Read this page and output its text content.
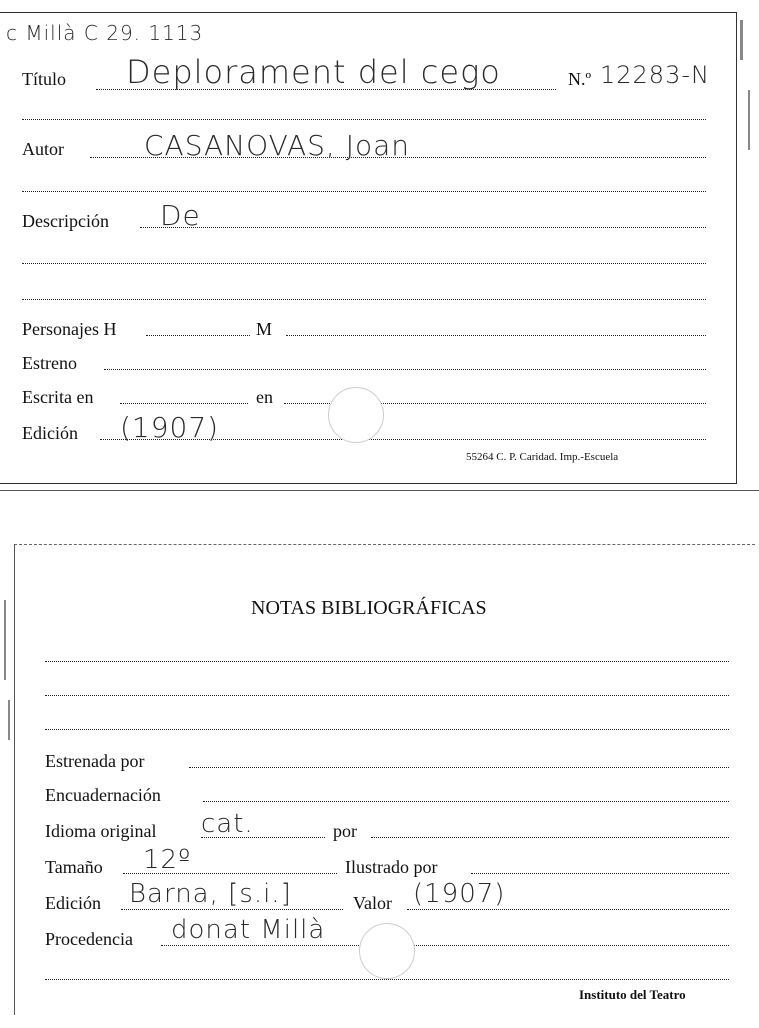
c Millà C 29. 1113
Título Deplorament del cego	N.º 12283-N
Autor	CASANOVAS, Joan
Descripción De
Personajes H	M
Estreno
Escrita en	en
Edición (1907)
55264 C. P. Caridad. Imp.-Escuela
NOTAS BIBLIOGRÁFICAS
Estrenada por
Encuadernación
Idioma original cat.	por
Tamaño 12º	Ilustrado por
Edición Barna, [s.i.]	Valor (1907)
Procedencia donat Millà
Instituto del Teatro
